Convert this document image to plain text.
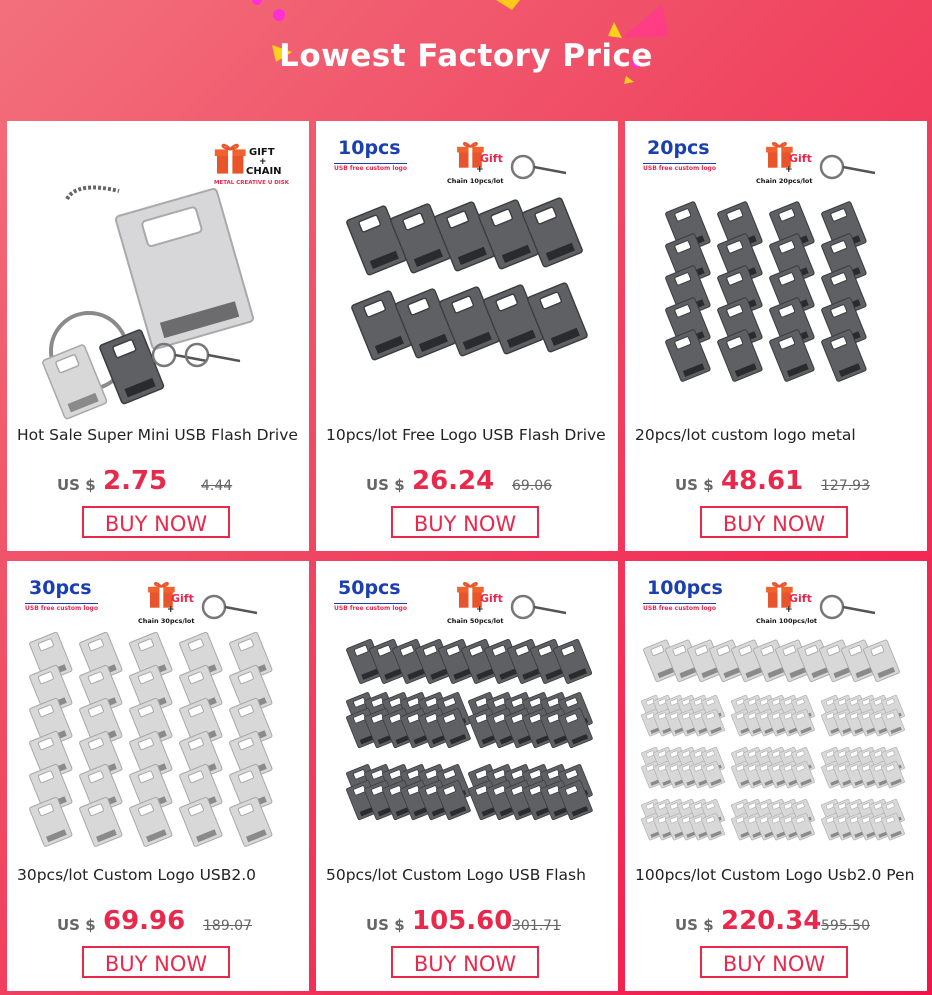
Lowest Factory Price
GIFT
+
CHAIN
METAL CREATIVE U DISK
Hot Sale Super Mini USB Flash Drive
US $ 2.75 4.44
BUY NOW
10pcs
USB free custom logo
Gift
+
Chain 10pcs/lot
10pcs/lot Free Logo USB Flash Drive
US $ 26.24 69.06
BUY NOW
20pcs
USB free custom logo
Gift
+
Chain 20pcs/lot
20pcs/lot custom logo metal
US $ 48.61 127.93
BUY NOW
30pcs
USB free custom logo
Gift
+
Chain 30pcs/lot
30pcs/lot Custom Logo USB2.0
US $ 69.96 189.07
BUY NOW
50pcs
USB free custom logo
Gift
+
Chain 50pcs/lot
50pcs/lot Custom Logo USB Flash
US $ 105.60 301.71
BUY NOW
100pcs
USB free custom logo
Gift
+
Chain 100pcs/lot
100pcs/lot Custom Logo Usb2.0 Pen
US $ 220.34 595.50
BUY NOW
